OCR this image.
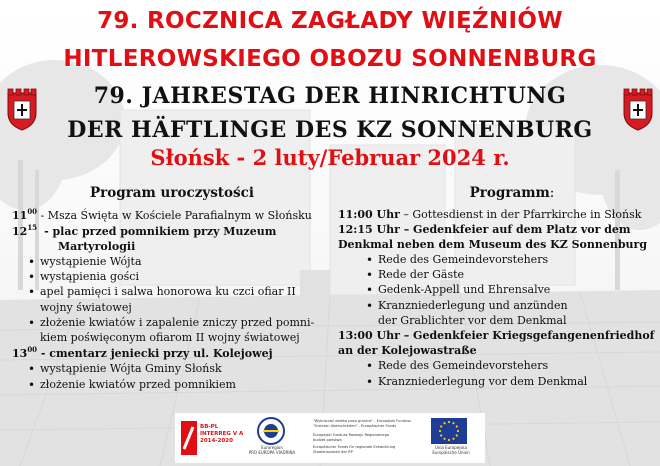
79. ROCZNICA ZAGŁADY WIĘŹNIÓW
HITLEROWSKIEGO OBOZU SONNENBURG
79. JAHRESTAG DER HINRICHTUNG
DER HÄFTLINGE DES KZ SONNENBURG
Słońsk - 2 luty/Februar 2024 r.
Program uroczystości
$11^{00}$ - Msza Święta w Kościele Parafialnym w Słońsku
$12^{15}$ - plac przed pomnikiem przy Muzeum
Martyrologii
• wystąpienie Wójta
• wystąpienia gości
• apel pamięci i salwa honorowa ku czci ofiar II
wojny światowej
• złożenie kwiatów i zapalenie zniczy przed pomni-
kiem poświęconym ofiarom II wojny światowej
$13^{00}$ - cmentarz jeniecki przy ul. Kolejowej
• wystąpienie Wójta Gminy Słońsk
• złożenie kwiatów przed pomnikiem
Programm:
11:00 Uhr – Gottesdienst in der Pfarrkirche in Słońsk
12:15 Uhr – Gedenkfeier auf dem Platz vor dem
Denkmal neben dem Museum des KZ Sonnenburg
• Rede des Gemeindevorstehers
• Rede der Gäste
• Gedenk-Appell und Ehrensalve
• Kranzniederlegung und anzünden
der Grablichter vor dem Denkmal
13:00 Uhr – Gedenkfeier Kriegsgefangenenfriedhof
an der Kolejowastraße
• Rede des Gemeindevorstehers
• Kranzniederlegung vor dem Denkmal
BB-PL
INTERREG V A
2014-2020
Euroregion
PRO EUROPA VIADRINA
"Wykraczać daleko poza granice" - Europejski Fundusz
"Grenzen überschreiten" - Europäischer Fonds
Europejski Fundusz Rozwoju Regionalnego
budżet państwa
Europäischer Fonds für regionale Entwicklung
Staatshaushalt der RP
Unia Europejska
Europäische Union
